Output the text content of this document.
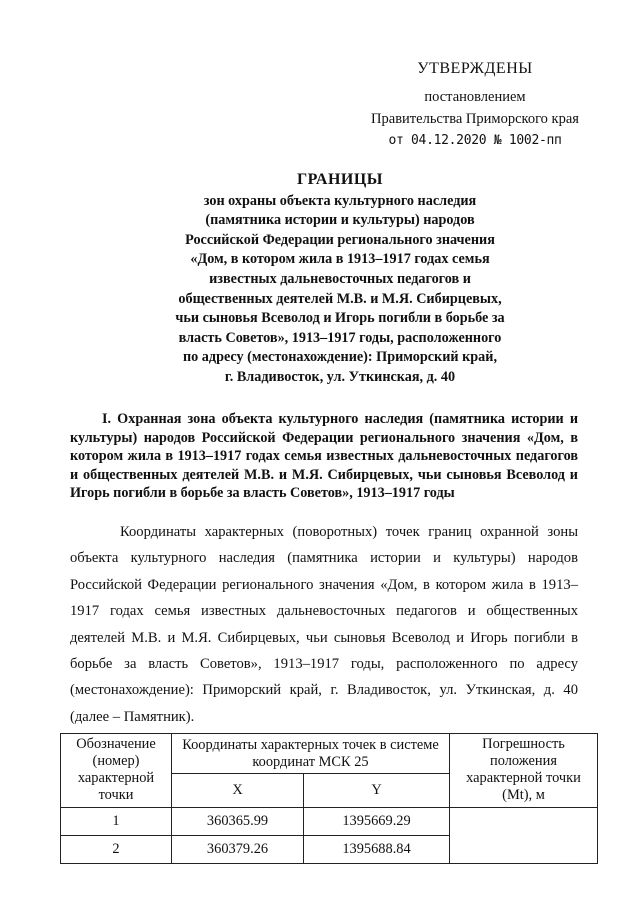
УТВЕРЖДЕНЫ
постановлением
Правительства Приморского края
от 04.12.2020 № 1002-пп
ГРАНИЦЫ
зон охраны объекта культурного наследия
(памятника истории и культуры) народов
Российской Федерации регионального значения
«Дом, в котором жила в 1913–1917 годах семья
известных дальневосточных педагогов и
общественных деятелей М.В. и М.Я. Сибирцевых,
чьи сыновья Всеволод и Игорь погибли в борьбе за
власть Советов», 1913–1917 годы, расположенного
по адресу (местонахождение): Приморский край,
г. Владивосток, ул. Уткинская, д. 40
I. Охранная зона объекта культурного наследия (памятника истории и культуры) народов Российской Федерации регионального значения «Дом, в котором жила в 1913–1917 годах семья известных дальневосточных педагогов и общественных деятелей М.В. и М.Я. Сибирцевых, чьи сыновья Всеволод и Игорь погибли в борьбе за власть Советов», 1913–1917 годы
Координаты характерных (поворотных) точек границ охранной зоны объекта культурного наследия (памятника истории и культуры) народов Российской Федерации регионального значения «Дом, в котором жила в 1913–1917 годах семья известных дальневосточных педагогов и общественных деятелей М.В. и М.Я. Сибирцевых, чьи сыновья Всеволод и Игорь погибли в борьбе за власть Советов», 1913–1917 годы, расположенного по адресу (местонахождение): Приморский край, г. Владивосток, ул. Уткинская, д. 40 (далее – Памятник).
Обозначение (номер) характерной точки	Координаты характерных точек в системе координат МСК 25		Погрешность положения характерной точки (Mt), м
	X	Y	
1	360365.99	1395669.29	
2	360379.26	1395688.84	
